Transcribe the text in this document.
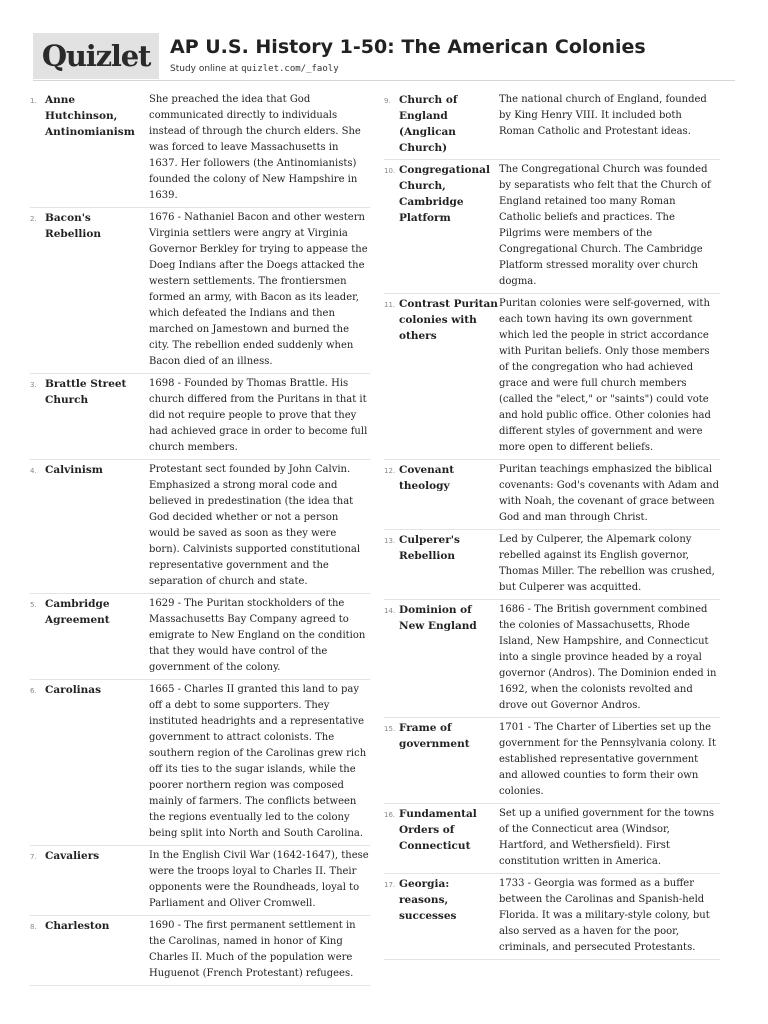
Quizlet	AP U.S. History 1-50: The American Colonies
Study online at quizlet.com/_faoly
1. Anne Hutchinson, Antinomianism
She preached the idea that God communicated directly to individuals instead of through the church elders. She was forced to leave Massachusetts in 1637. Her followers (the Antinomianists) founded the colony of New Hampshire in 1639.
2. Bacon's Rebellion
1676 - Nathaniel Bacon and other western Virginia settlers were angry at Virginia Governor Berkley for trying to appease the Doeg Indians after the Doegs attacked the western settlements. The frontiersmen formed an army, with Bacon as its leader, which defeated the Indians and then marched on Jamestown and burned the city. The rebellion ended suddenly when Bacon died of an illness.
3. Brattle Street Church
1698 - Founded by Thomas Brattle. His church differed from the Puritans in that it did not require people to prove that they had achieved grace in order to become full church members.
4. Calvinism	Protestant sect founded by John Calvin. Emphasized a strong moral code and believed in predestination (the idea that God decided whether or not a person would be saved as soon as they were born). Calvinists supported constitutional representative government and the separation of church and state.
5. Cambridge Agreement
1629 - The Puritan stockholders of the Massachusetts Bay Company agreed to emigrate to New England on the condition that they would have control of the government of the colony.
6. Carolinas	1665 - Charles II granted this land to pay off a debt to some supporters. They instituted headrights and a representative government to attract colonists. The southern region of the Carolinas grew rich off its ties to the sugar islands, while the poorer northern region was composed mainly of farmers. The conflicts between the regions eventually led to the colony being split into North and South Carolina.
7. Cavaliers	In the English Civil War (1642-1647), these were the troops loyal to Charles II. Their opponents were the Roundheads, loyal to Parliament and Oliver Cromwell.
8. Charleston	1690 - The first permanent settlement in the Carolinas, named in honor of King Charles II. Much of the population were Huguenot (French Protestant) refugees.
9. Church of England (Anglican Church)
The national church of England, founded by King Henry VIII. It included both Roman Catholic and Protestant ideas.
10. Congregational Church, Cambridge Platform
The Congregational Church was founded by separatists who felt that the Church of England retained too many Roman Catholic beliefs and practices. The Pilgrims were members of the Congregational Church. The Cambridge Platform stressed morality over church dogma.
11. Contrast Puritan colonies with others
Puritan colonies were self-governed, with each town having its own government which led the people in strict accordance with Puritan beliefs. Only those members of the congregation who had achieved grace and were full church members (called the "elect," or "saints") could vote and hold public office. Other colonies had different styles of government and were more open to different beliefs.
12. Covenant theology
Puritan teachings emphasized the biblical covenants: God's covenants with Adam and with Noah, the covenant of grace between God and man through Christ.
13. Culperer's Rebellion
Led by Culperer, the Alpemark colony rebelled against its English governor, Thomas Miller. The rebellion was crushed, but Culperer was acquitted.
14. Dominion of New England
1686 - The British government combined the colonies of Massachusetts, Rhode Island, New Hampshire, and Connecticut into a single province headed by a royal governor (Andros). The Dominion ended in 1692, when the colonists revolted and drove out Governor Andros.
15. Frame of government
1701 - The Charter of Liberties set up the government for the Pennsylvania colony. It established representative government and allowed counties to form their own colonies.
16. Fundamental Orders of Connecticut
Set up a unified government for the towns of the Connecticut area (Windsor, Hartford, and Wethersfield). First constitution written in America.
17. Georgia: reasons, successes
1733 - Georgia was formed as a buffer between the Carolinas and Spanish-held Florida. It was a military-style colony, but also served as a haven for the poor, criminals, and persecuted Protestants.
